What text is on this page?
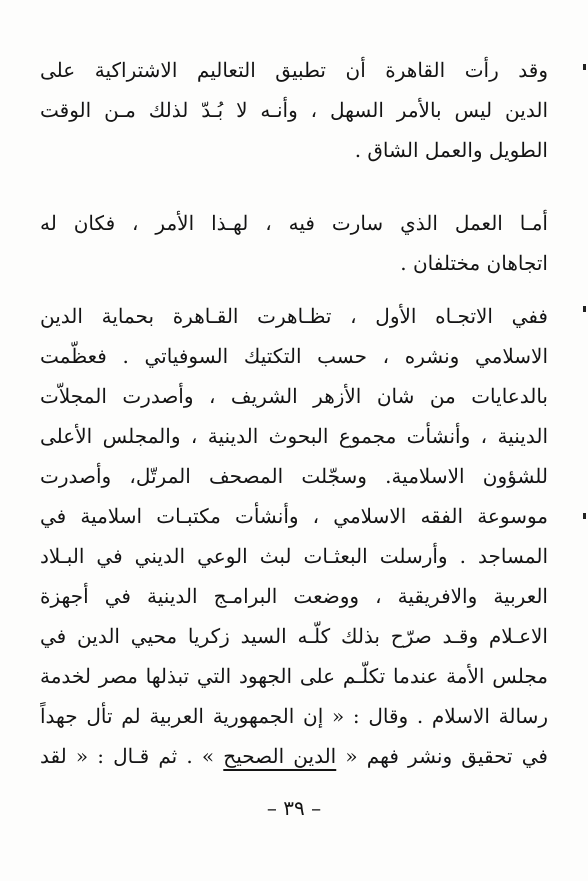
وقد رأت القاهرة أن تطبيق التعاليم الاشتراكية على
الدين ليس بالأمر السهل ، وأنـه لا بُـدّ لذلك مـن الوقت
الطويل والعمل الشاق .
أمـا العمل الذي سارت فيه ، لهـذا الأمر ، فكان له
اتجاهان مختلفان .
ففي الاتجـاه الأول ، تظـاهرت القـاهرة بحماية الدين
الاسلامي ونشره ، حسب التكتيك السوفياتي . فعظّمت
بالدعايات من شان الأزهر الشريف ، وأصدرت المجلاّت
الدينية ، وأنشأت مجموع البحوث الدينية ، والمجلس الأعلى
للشؤون الاسلامية. وسجّلت المصحف المرتّل، وأصدرت
موسوعة الفقه الاسلامي ، وأنشأت مكتبـات اسلامية في
المساجد . وأرسلت البعثـات لبث الوعي الديني في البـلاد
العربية والافريقية ، ووضعت البرامـج الدينية في أجهزة
الاعـلام وقـد صرّح بذلك كلّـه السيد زكريا محيي الدين في
مجلس الأمة عندما تكلّـم على الجهود التي تبذلها مصر لخدمة
رسالة الاسلام . وقال : « إن الجمهورية العربية لم تأل جهداً
في تحقيق ونشر فهم « الدين الصحيح » . ثم قـال : « لقد
– ٣٩ –
